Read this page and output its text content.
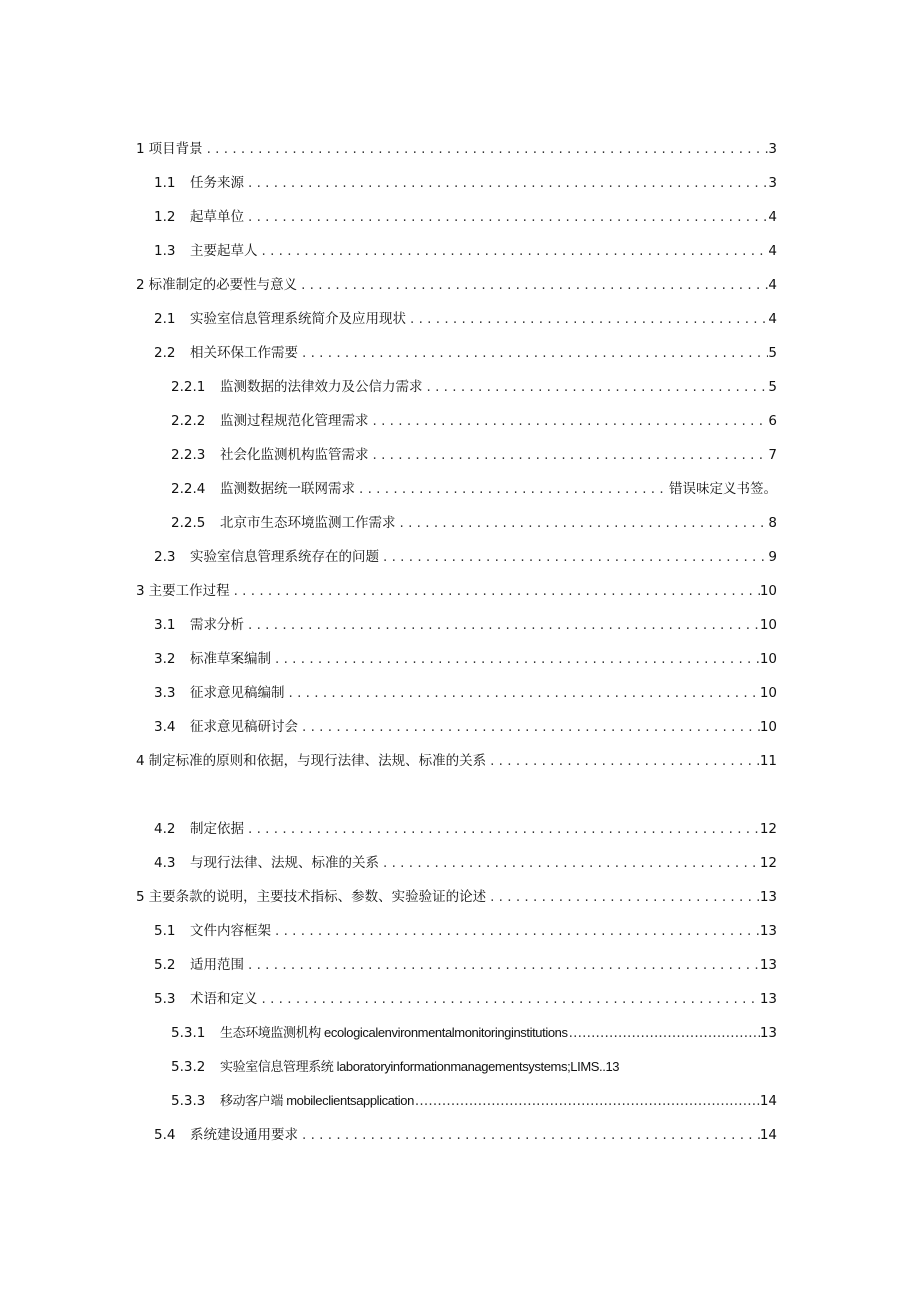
1 项目背景 . . .	3
1.1	任务来源 . . .	3
1.2	起草单位 . . .	4
1.3	主要起草人 . . .	4
2 标准制定的必要性与意义 . . .	4
2.1	实验室信息管理系统简介及应用现状 . . .	4
2.2	相关环保工作需要 . . .	5
2.2.1	监测数据的法律效力及公信力需求 . . .	5
2.2.2	监测过程规范化管理需求 . . .	6
2.2.3	社会化监测机构监管需求 . . .	7
2.2.4	监测数据统一联网需求 . . .	错误味定义书签。
2.2.5	北京市生态环境监测工作需求 . . .	8
2.3	实验室信息管理系统存在的问题 . . .	9
3 主要工作过程 . . .	10
3.1	需求分析 . . .	10
3.2	标准草案编制 . . .	10
3.3	征求意见稿编制 . . .	10
3.4	征求意见稿研讨会 . . .	10
4 制定标准的原则和依据，与现行法律、法规、标准的关系 . . .	11
4.2	制定依据 . . .	12
4.3	与现行法律、法规、标准的关系 . . .	12
5 主要条款的说明，主要技术指标、参数、实验验证的论述 . . .	13
5.1	文件内容框架 . . .	13
5.2	适用范围 . . .	13
5.3	术语和定义 . . .	13
5.3.1	生态环境监测机构 ecologicalenvironmentalmonitoringinstitutions .....	13
5.3.2	实验室信息管理系统 laboratoryinformationmanagementsystems;LIMS..13
5.3.3	移动客户端 mobileclientsapplication .....	14
5.4	系统建设通用要求 . . .	14
